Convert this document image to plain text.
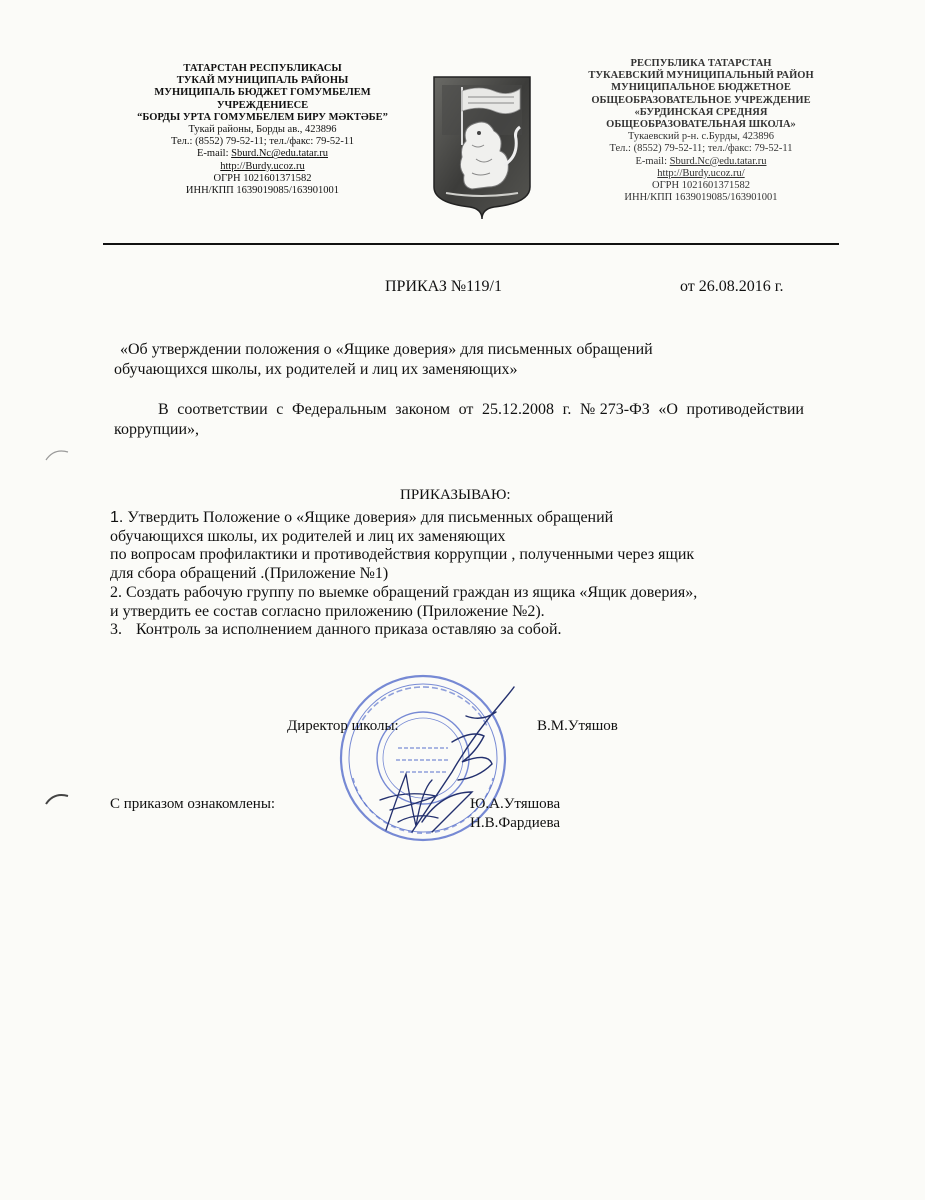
ТАТАРСТАН РЕСПУБЛИКАСЫ
ТУКАЙ МУНИЦИПАЛЬ РАЙОНЫ
МУНИЦИПАЛЬ БЮДЖЕТ ГОМУМБЕЛЕМ
УЧРЕЖДЕНИЕСЕ
“БОРДЫ УРТА ГОМУМБЕЛЕМ БИРУ МӘКТӘБЕ”
Тукай районы, Борды ав., 423896
Тел.: (8552) 79-52-11; тел./факс: 79-52-11
E-mail: Sburd.Nc@edu.tatar.ru
http://Burdy.ucoz.ru
ОГРН 1021601371582
ИНН/КПП 1639019085/163901001
РЕСПУБЛИКА ТАТАРСТАН
ТУКАЕВСКИЙ МУНИЦИПАЛЬНЫЙ РАЙОН
МУНИЦИПАЛЬНОЕ БЮДЖЕТНОЕ
ОБЩЕОБРАЗОВАТЕЛЬНОЕ УЧРЕЖДЕНИЕ
«БУРДИНСКАЯ СРЕДНЯЯ
ОБЩЕОБРАЗОВАТЕЛЬНАЯ ШКОЛА»
Тукаевский р-н. с.Бурды, 423896
Тел.: (8552) 79-52-11; тел./факс: 79-52-11
E-mail: Sburd.Nc@edu.tatar.ru
http://Burdy.ucoz.ru/
ОГРН 1021601371582
ИНН/КПП 1639019085/163901001
ПРИКАЗ №119/1	от 26.08.2016 г.
«Об утверждении положения о «Ящике доверия» для письменных обращений
обучающихся школы, их родителей и лиц их заменяющих»
В соответствии с Федеральным законом от 25.12.2008 г. №273-ФЗ «О противодействии коррупции»,
ПРИКАЗЫВАЮ:
1. Утвердить Положение о «Ящике доверия» для письменных обращений
обучающихся школы, их родителей и лиц их заменяющих
по вопросам профилактики и противодействия коррупции , полученными через ящик
для сбора обращений .(Приложение №1)
2. Создать рабочую группу по выемке обращений граждан из ящика «Ящик доверия»,
и утвердить ее состав согласно приложению (Приложение №2).
3. Контроль за исполнением данного приказа оставляю за собой.
Директор школы:	В.М.Утяшов
С приказом ознакомлены:	Ю.А.Утяшова
Н.В.Фардиева
